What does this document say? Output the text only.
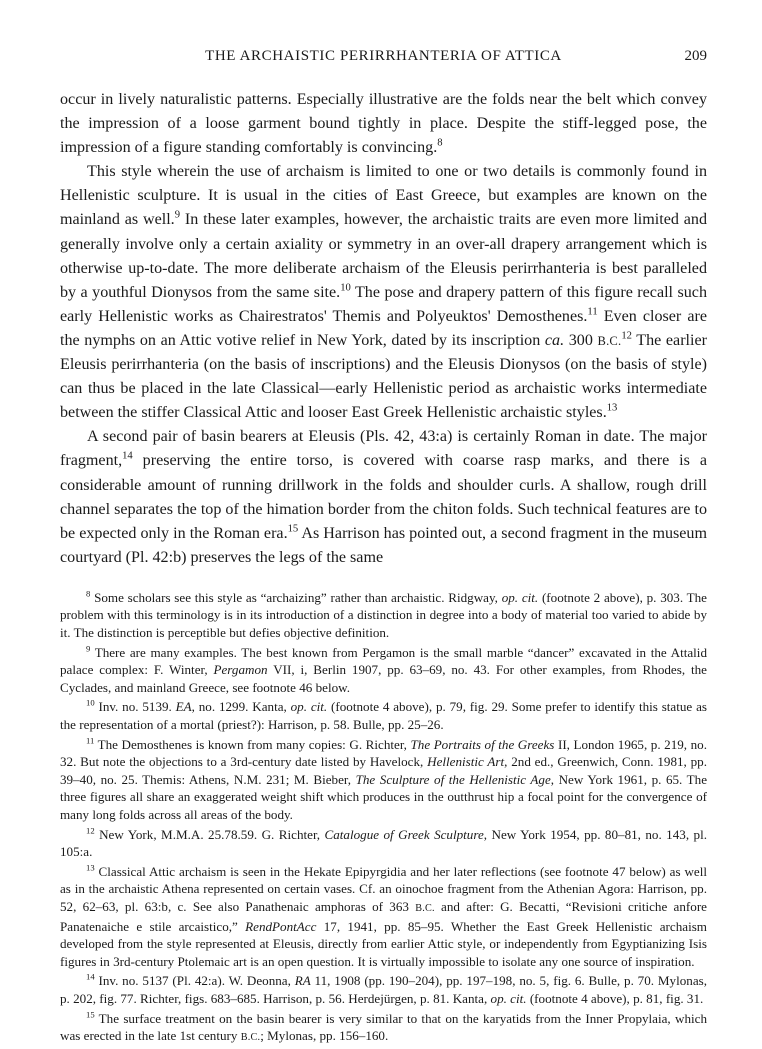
THE ARCHAISTIC PERIRRHANTERIA OF ATTICA	209

occur in lively naturalistic patterns. Especially illustrative are the folds near the belt which convey the impression of a loose garment bound tightly in place. Despite the stiff-legged pose, the impression of a figure standing comfortably is convincing.$^8$

This style wherein the use of archaism is limited to one or two details is commonly found in Hellenistic sculpture. It is usual in the cities of East Greece, but examples are known on the mainland as well.$^9$ In these later examples, however, the archaistic traits are even more limited and generally involve only a certain axiality or symmetry in an over-all drapery arrangement which is otherwise up-to-date. The more deliberate archaism of the Eleusis perirrhanteria is best paralleled by a youthful Dionysos from the same site.$^{10}$ The pose and drapery pattern of this figure recall such early Hellenistic works as Chairestratos' Themis and Polyeuktos' Demosthenes.$^{11}$ Even closer are the nymphs on an Attic votive relief in New York, dated by its inscription ca. 300 B.C.$^{12}$ The earlier Eleusis perirrhanteria (on the basis of inscriptions) and the Eleusis Dionysos (on the basis of style) can thus be placed in the late Classical—early Hellenistic period as archaistic works intermediate between the stiffer Classical Attic and looser East Greek Hellenistic archaistic styles.$^{13}$

A second pair of basin bearers at Eleusis (Pls. 42, 43:a) is certainly Roman in date. The major fragment,$^{14}$ preserving the entire torso, is covered with coarse rasp marks, and there is a considerable amount of running drillwork in the folds and shoulder curls. A shallow, rough drill channel separates the top of the himation border from the chiton folds. Such technical features are to be expected only in the Roman era.$^{15}$ As Harrison has pointed out, a second fragment in the museum courtyard (Pl. 42:b) preserves the legs of the same

$^8$ Some scholars see this style as “archaizing” rather than archaistic. Ridgway, op. cit. (footnote 2 above), p. 303. The problem with this terminology is in its introduction of a distinction in degree into a body of material too varied to abide by it. The distinction is perceptible but defies objective definition.

$^9$ There are many examples. The best known from Pergamon is the small marble “dancer” excavated in the Attalid palace complex: F. Winter, Pergamon VII, i, Berlin 1907, pp. 63–69, no. 43. For other examples, from Rhodes, the Cyclades, and mainland Greece, see footnote 46 below.

$^{10}$ Inv. no. 5139. EA, no. 1299. Kanta, op. cit. (footnote 4 above), p. 79, fig. 29. Some prefer to identify this statue as the representation of a mortal (priest?): Harrison, p. 58. Bulle, pp. 25–26.

$^{11}$ The Demosthenes is known from many copies: G. Richter, The Portraits of the Greeks II, London 1965, p. 219, no. 32. But note the objections to a 3rd-century date listed by Havelock, Hellenistic Art, 2nd ed., Greenwich, Conn. 1981, pp. 39–40, no. 25. Themis: Athens, N.M. 231; M. Bieber, The Sculpture of the Hellenistic Age, New York 1961, p. 65. The three figures all share an exaggerated weight shift which produces in the outthrust hip a focal point for the convergence of many long folds across all areas of the body.

$^{12}$ New York, M.M.A. 25.78.59. G. Richter, Catalogue of Greek Sculpture, New York 1954, pp. 80–81, no. 143, pl. 105:a.

$^{13}$ Classical Attic archaism is seen in the Hekate Epipyrgidia and her later reflections (see footnote 47 below) as well as in the archaistic Athena represented on certain vases. Cf. an oinochoe fragment from the Athenian Agora: Harrison, pp. 52, 62–63, pl. 63:b, c. See also Panathenaic amphoras of 363 B.C. and after: G. Becatti, “Revisioni critiche anfore Panatenaiche e stile arcaistico,” RendPontAcc 17, 1941, pp. 85–95. Whether the East Greek Hellenistic archaism developed from the style represented at Eleusis, directly from earlier Attic style, or independently from Egyptianizing Isis figures in 3rd-century Ptolemaic art is an open question. It is virtually impossible to isolate any one source of inspiration.

$^{14}$ Inv. no. 5137 (Pl. 42:a). W. Deonna, RA 11, 1908 (pp. 190–204), pp. 197–198, no. 5, fig. 6. Bulle, p. 70. Mylonas, p. 202, fig. 77. Richter, figs. 683–685. Harrison, p. 56. Herdejürgen, p. 81. Kanta, op. cit. (footnote 4 above), p. 81, fig. 31.

$^{15}$ The surface treatment on the basin bearer is very similar to that on the karyatids from the Inner Propylaia, which was erected in the late 1st century B.C.; Mylonas, pp. 156–160.
